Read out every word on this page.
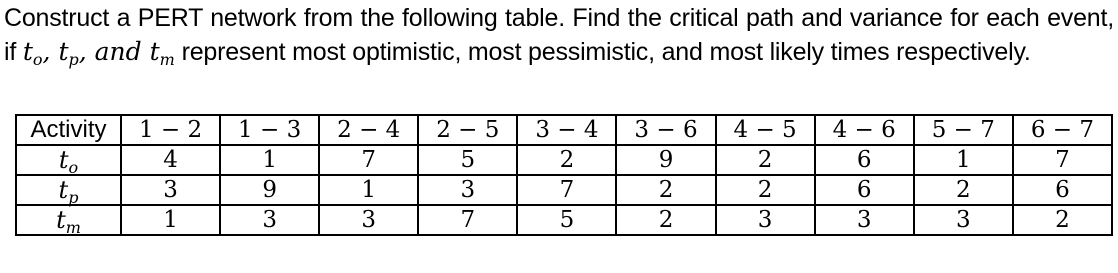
Construct a PERT network from the following table. Find the critical path and variance for each event, if $t_o$, $t_p$, and $t_m$ represent most optimistic, most pessimistic, and most likely times respectively.
Activity	1 − 2	1 − 3	2 − 4	2 − 5	3 − 4	3 − 6	4 − 5	4 − 6	5 − 7	6 − 7
$t_o$	4	1	7	5	2	9	2	6	1	7
$t_p$	3	9	1	3	7	2	2	6	2	6
$t_m$	1	3	3	7	5	2	3	3	3	2
